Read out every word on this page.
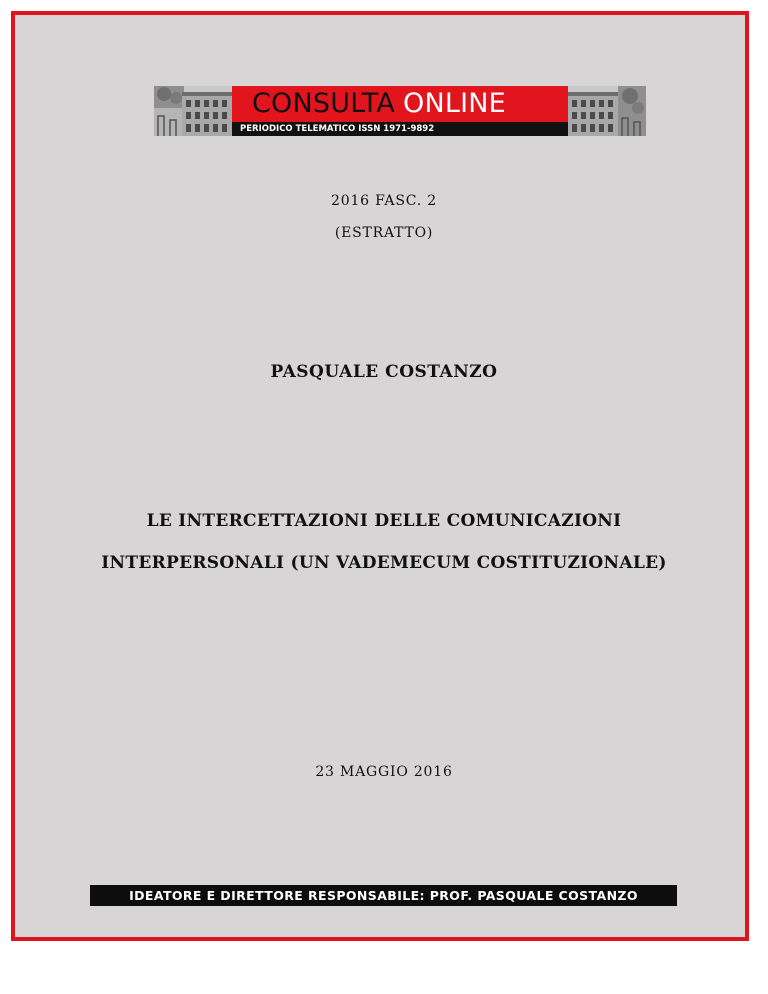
CONSULTA ONLINE
PERIODICO TELEMATICO ISSN 1971-9892
2016 FASC. 2
(ESTRATTO)
PASQUALE COSTANZO
LE INTERCETTAZIONI DELLE COMUNICAZIONI
INTERPERSONALI (UN VADEMECUM COSTITUZIONALE)
23 MAGGIO 2016
IDEATORE E DIRETTORE RESPONSABILE: PROF. PASQUALE COSTANZO
